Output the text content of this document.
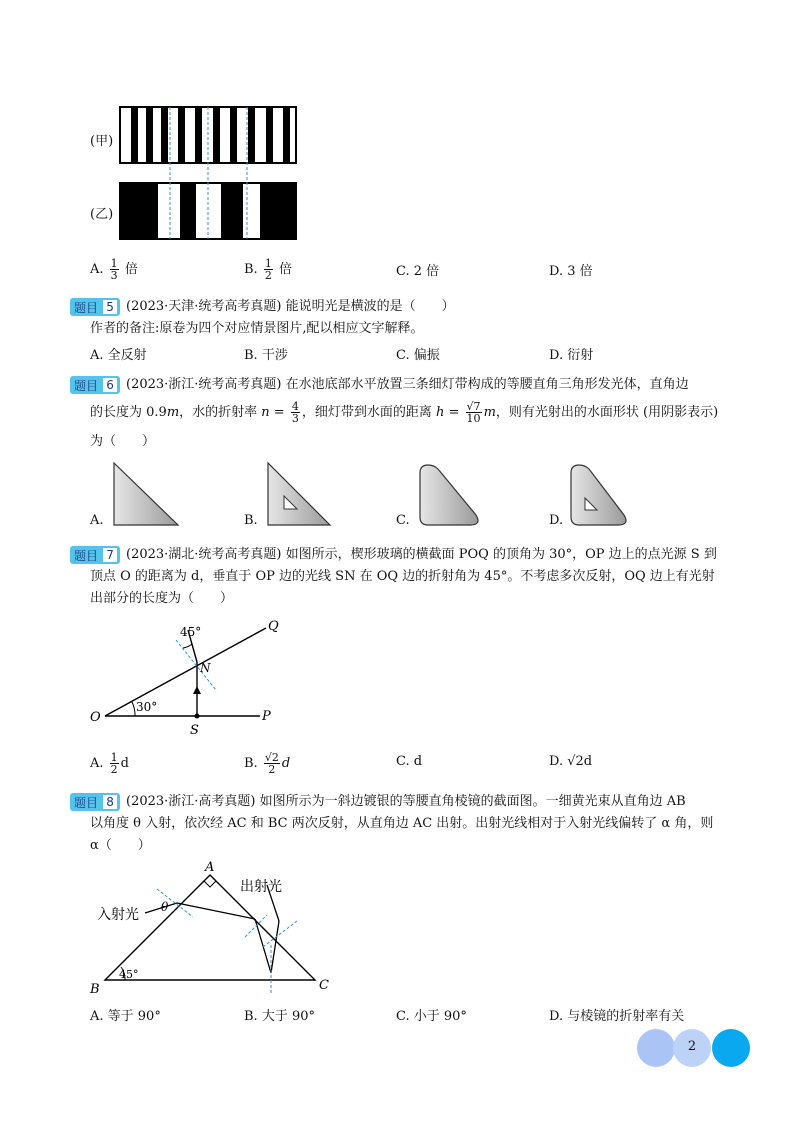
(甲)
(乙)
A. $\frac{1}{3}$ 倍	B. $\frac{1}{2}$ 倍	C. 2 倍	D. 3 倍
题目 5 (2023·天津·统考高考真题) 能说明光是横波的是（　　）
作者的备注:原卷为四个对应情景图片,配以相应文字解释。
A. 全反射	B. 干涉	C. 偏振	D. 衍射
题目 6 (2023·浙江·统考高考真题) 在水池底部水平放置三条细灯带构成的等腰直角三角形发光体，直角边
的长度为 0.9m，水的折射率 $n = \frac{4}{3}$ ，细灯带到水面的距离 $h = \frac{√7}{10}$ m，则有光射出的水面形状 (用阴影表示)
为（　　）
A.	B.	C.	D.
题目 7 (2023·湖北·统考高考真题) 如图所示，楔形玻璃的横截面 POQ 的顶角为 30°，OP 边上的点光源 S 到
顶点 O 的距离为 d，垂直于 OP 边的光线 SN 在 OQ 边的折射角为 45°。不考虑多次反射，OQ 边上有光射
出部分的长度为（　　）
Q
O	P
S
N
45°
30°
A. $\frac{1}{2}$ d	B. $\frac{√2}{2}$ d	C. d	D. √2d
题目 8 (2023·浙江·高考真题) 如图所示为一斜边镀银的等腰直角棱镜的截面图。一细黄光束从直角边 AB
以角度 θ 入射，依次经 AC 和 BC 两次反射，从直角边 AC 出射。出射光线相对于入射光线偏转了 α 角，则
α（　　）
A
B	C
入射光
出射光
θ
45°
A. 等于 90°	B. 大于 90°	C. 小于 90°	D. 与棱镜的折射率有关
2
